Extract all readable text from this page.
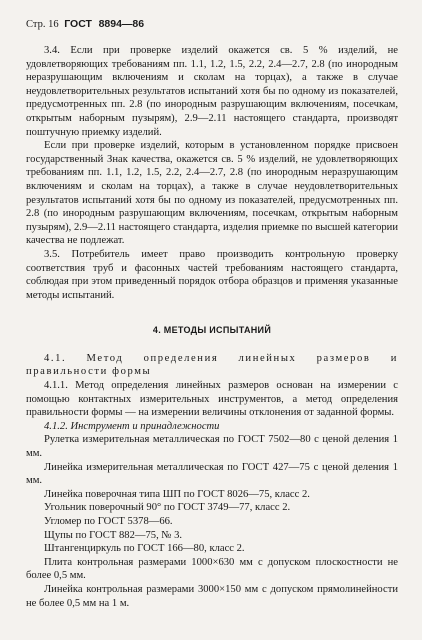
Стр. 16 ГОСТ 8894—86

3.4. Если при проверке изделий окажется св. 5 % изделий, не удовлетворяющих требованиям пп. 1.1, 1.2, 1.5, 2.2, 2.4—2.7, 2.8 (по инородным неразрушающим включениям и сколам на торцах), а также в случае неудовлетворительных результатов испытаний хотя бы по одному из показателей, предусмотренных пп. 2.8 (по инородным разрушающим включениям, посечкам, открытым наборным пузырям), 2.9—2.11 настоящего стандарта, производят поштучную приемку изделий.

Если при проверке изделий, которым в установленном порядке присвоен государственный Знак качества, окажется св. 5 % изделий, не удовлетворяющих требованиям пп. 1.1, 1.2, 1.5, 2.2, 2.4—2.7, 2.8 (по инородным неразрушающим включениям и сколам на торцах), а также в случае неудовлетворительных результатов испытаний хотя бы по одному из показателей, предусмотренных пп. 2.8 (по инородным разрушающим включениям, посечкам, открытым наборным пузырям), 2.9—2.11 настоящего стандарта, изделия приемке по высшей категории качества не подлежат.

3.5. Потребитель имеет право производить контрольную проверку соответствия труб и фасонных частей требованиям настоящего стандарта, соблюдая при этом приведенный порядок отбора образцов и применяя указанные методы испытаний.

4. МЕТОДЫ ИСПЫТАНИЙ

4.1. Метод определения линейных размеров и правильности формы

4.1.1. Метод определения линейных размеров основан на измерении с помощью контактных измерительных инструментов, а метод определения правильности формы — на измерении величины отклонения от заданной формы.

4.1.2. Инструмент и принадлежности

Рулетка измерительная металлическая по ГОСТ 7502—80 с ценой деления 1 мм.

Линейка измерительная металлическая по ГОСТ 427—75 с ценой деления 1 мм.

Линейка поверочная типа ШП по ГОСТ 8026—75, класс 2.

Угольник поверочный 90° по ГОСТ 3749—77, класс 2.

Угломер по ГОСТ 5378—66.

Щупы по ГОСТ 882—75, № 3.

Штангенциркуль по ГОСТ 166—80, класс 2.

Плита контрольная размерами 1000×630 мм с допуском плоскостности не более 0,5 мм.

Линейка контрольная размерами 3000×150 мм с допуском прямолинейности не более 0,5 мм на 1 м.
